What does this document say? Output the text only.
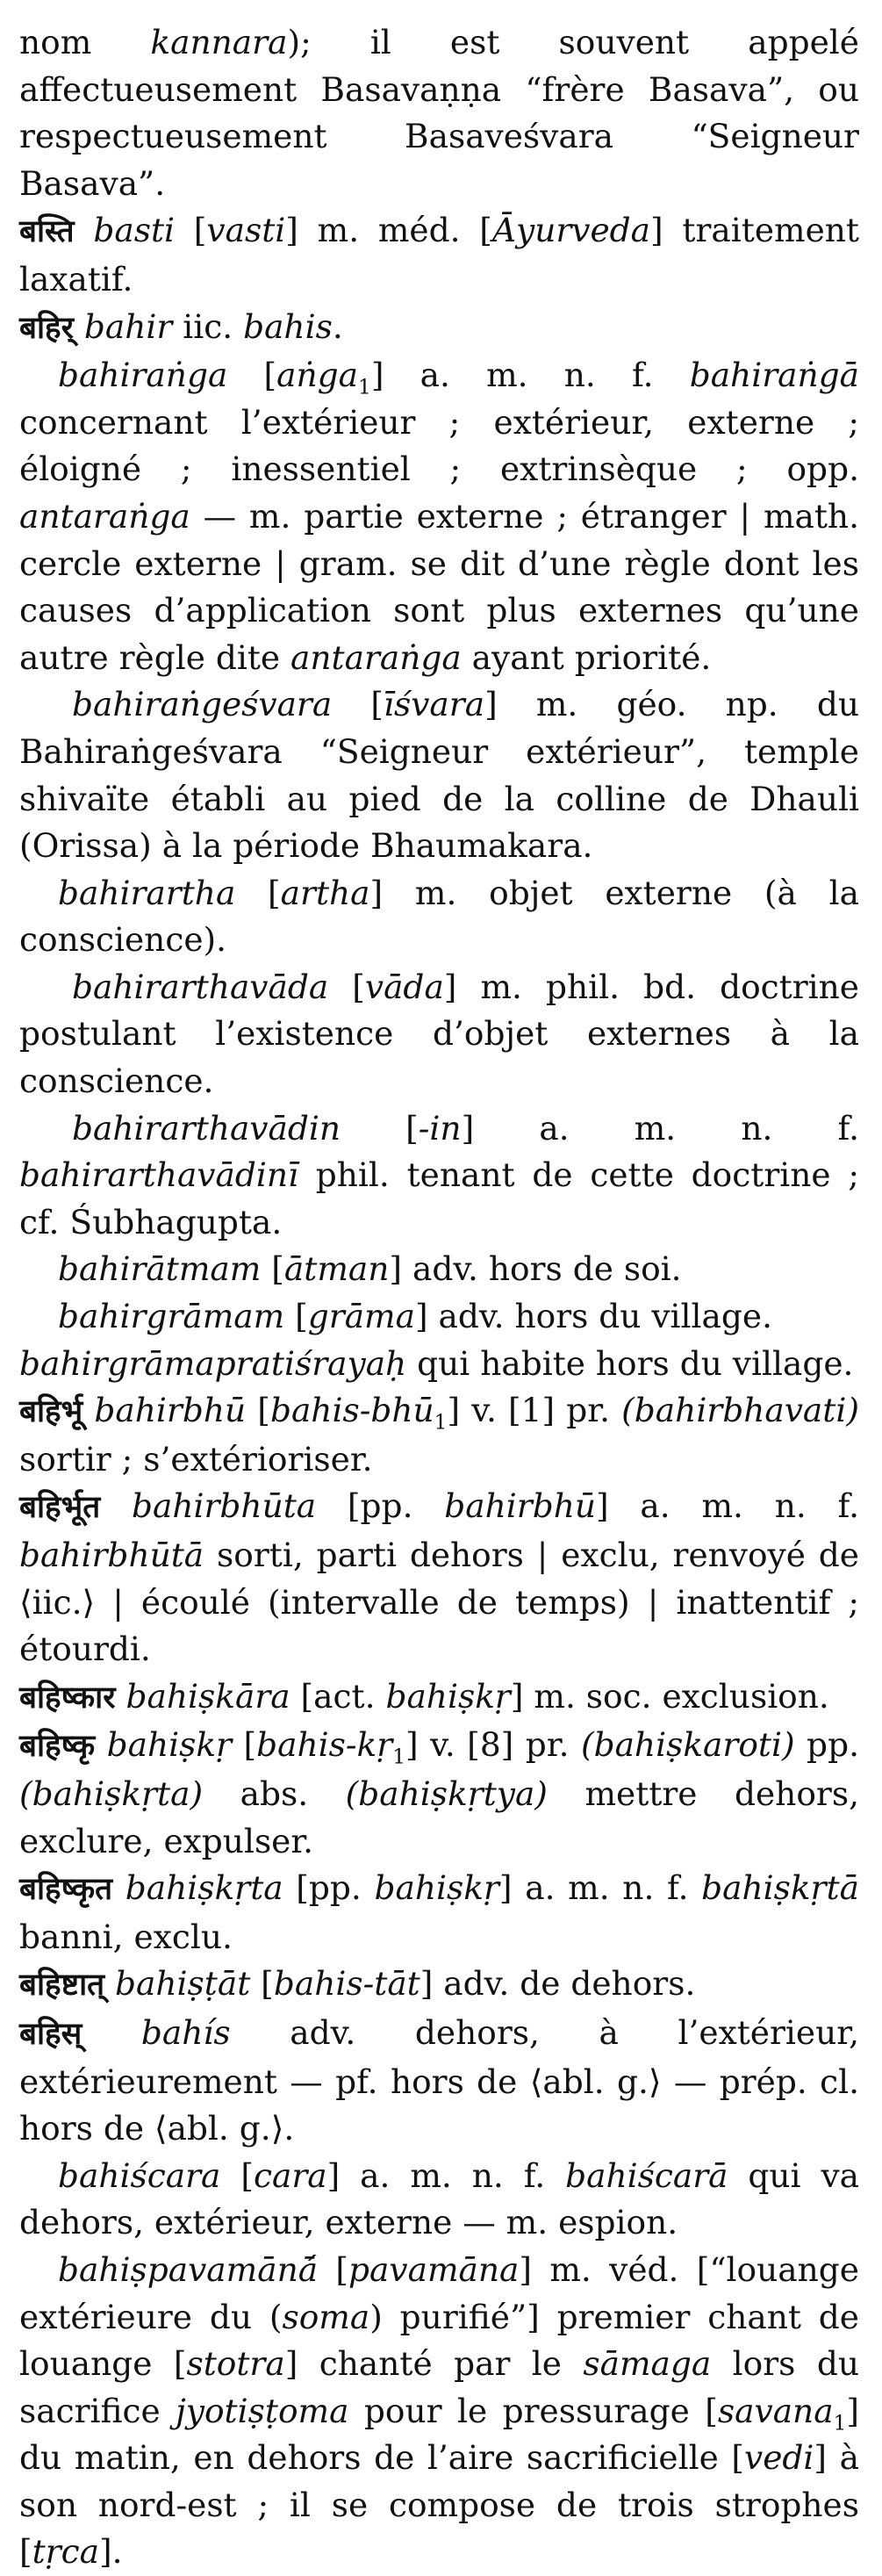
nom kannara); il est souvent appelé affectueusement Basavaṇṇa “frère Basava”, ou respectueusement Basaveśvara “Seigneur Basava”.

बस्ति basti [vasti] m. méd. [Āyurveda] traitement laxatif.

बहिर् bahir iic. bahis.

bahiraṅga [aṅga$_1$] a. m. n. f. bahiraṅgā concernant l’extérieur ; extérieur, externe ; éloigné ; inessentiel ; extrinsèque ; opp. antaraṅga — m. partie externe ; étranger | math. cercle externe | gram. se dit d’une règle dont les causes d’application sont plus externes qu’une autre règle dite antaraṅga ayant priorité.

bahiraṅgeśvara [īśvara] m. géo. np. du Bahiraṅgeśvara “Seigneur extérieur”, temple shivaïte établi au pied de la colline de Dhauli (Orissa) à la période Bhaumakara.

bahirartha [artha] m. objet externe (à la conscience).

bahirarthavāda [vāda] m. phil. bd. doctrine postulant l’existence d’objet externes à la conscience.

bahirarthavādin [-in] a. m. n. f. bahirarthavādinī phil. tenant de cette doctrine ; cf. Śubhagupta.

bahirātmam [ātman] adv. hors de soi.

bahirgrāmam [grāma] adv. hors du village.

bahirgrāmapratiśrayaḥ qui habite hors du village.

बहिर्भू bahirbhū [bahis-bhū$_1$] v. [1] pr. (bahirbhavati) sortir ; s’extérioriser.

बहिर्भूत bahirbhūta [pp. bahirbhū] a. m. n. f. bahirbhūtā sorti, parti dehors | exclu, renvoyé de ⟨iic.⟩ | écoulé (intervalle de temps) | inattentif ; étourdi.

बहिष्कार bahiṣkāra [act. bahiṣkṛ] m. soc. exclusion.

बहिष्कृ bahiṣkṛ [bahis-kṛ$_1$] v. [8] pr. (bahiṣkaroti) pp. (bahiṣkṛta) abs. (bahiṣkṛtya) mettre dehors, exclure, expulser.

बहिष्कृत bahiṣkṛta [pp. bahiṣkṛ] a. m. n. f. bahiṣkṛtā banni, exclu.

बहिष्टात् bahiṣṭāt [bahis-tāt] adv. de dehors.

बहिस् bahís adv. dehors, à l’extérieur, extérieurement — pf. hors de ⟨abl. g.⟩ — prép. cl. hors de ⟨abl. g.⟩.

bahiścara [cara] a. m. n. f. bahiścarā qui va dehors, extérieur, externe — m. espion.

bahiṣpavamānā́ [pavamāna] m. véd. [“louange extérieure du (soma) purifié”] premier chant de louange [stotra] chanté par le sāmaga lors du sacrifice jyotiṣṭoma pour le pressurage [savana$_1$] du matin, en dehors de l’aire sacrificielle [vedi] à son nord-est ; il se compose de trois strophes [tṛca].
